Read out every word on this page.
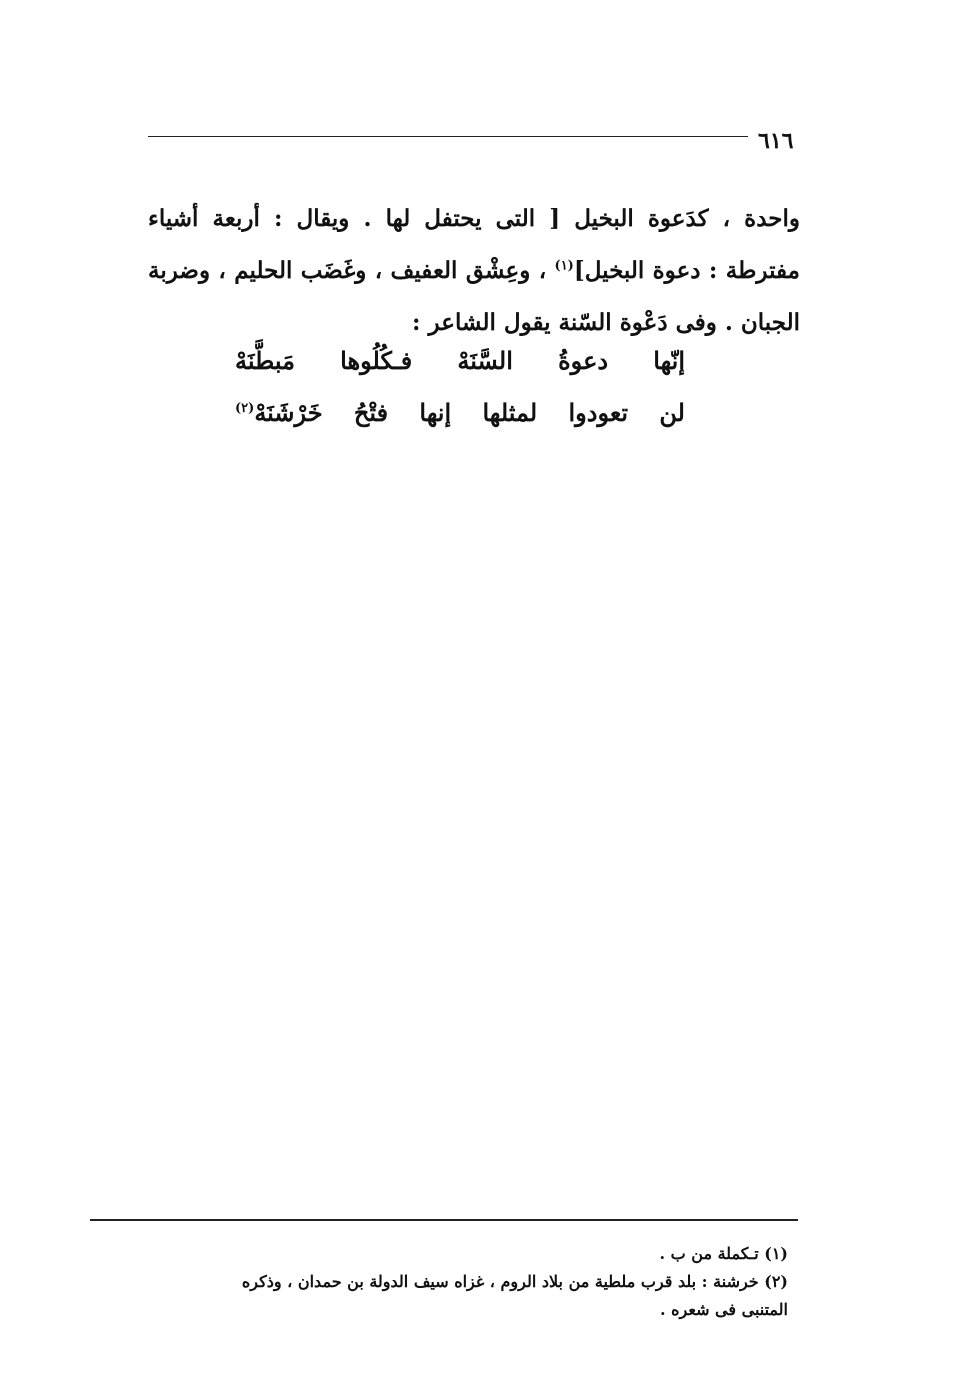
٦١٦

واحدة ، كدَعوة البخيل [ التى يحتفل لها . ويقال : أربعة أشياء مفترطة : دعوة البخيل]$^{(١)}$ ، وعِشْق العفيف ، وغَضَب الحليم ، وضربة الجبان . وفى دَعْوة السّنة يقول الشاعر :

إنّها
دعوةُ
السَّنَهْ
فـكُلُوها
مَبطَّنَهْ
لن
تعودوا
لمثلها
إنها
فتْحُ
خَرْشَنَهْ$^{(٢)}$

(١) تـكملة من ب .

(٢) خرشنة : بلد قرب ملطية من بلاد الروم ، غزاه سيف الدولة بن حمدان ، وذكره

المتنبى فى شعره .
